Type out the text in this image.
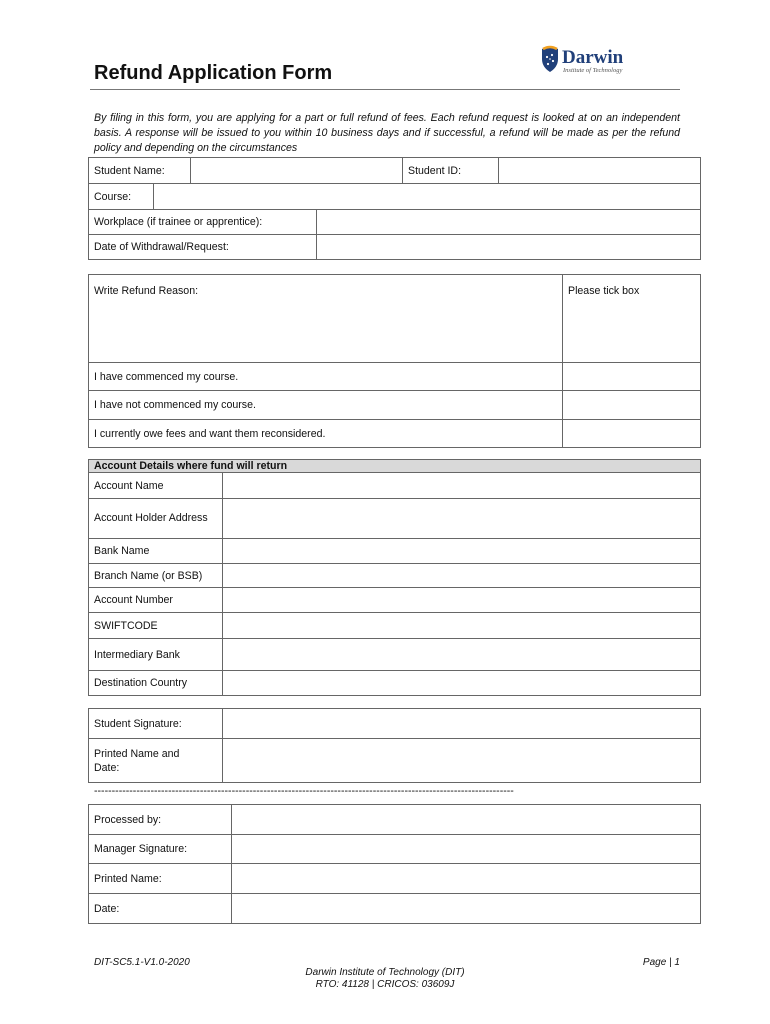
Refund Application Form
Darwin
Institute of Technology
By filing in this form, you are applying for a part or full refund of fees. Each refund request is looked at on an independent basis. A response will be issued to you within 10 business days and if successful, a refund will be made as per the refund policy and depending on the circumstances
Student Name:				Student ID:	
Course:					
Workplace (if trainee or apprentice):					
Date of Withdrawal/Request:					
Write Refund Reason:	Please tick box
I have commenced my course.	
I have not commenced my course.	
I currently owe fees and want them reconsidered.	
Account Details where fund will return	
Account Name	
Account Holder Address	
Bank Name	
Branch Name (or BSB)	
Account Number	
SWIFTCODE	
Intermediary Bank	
Destination Country	
Student Signature:	
Printed Name and Date:	
-----------------------------------------------------------------------------------------------------------------------
Processed by:	
Manager Signature:	
Printed Name:	
Date:	
DIT-SC5.1-V1.0-2020	Page | 1
Darwin Institute of Technology (DIT)
RTO: 41128 | CRICOS: 03609J
